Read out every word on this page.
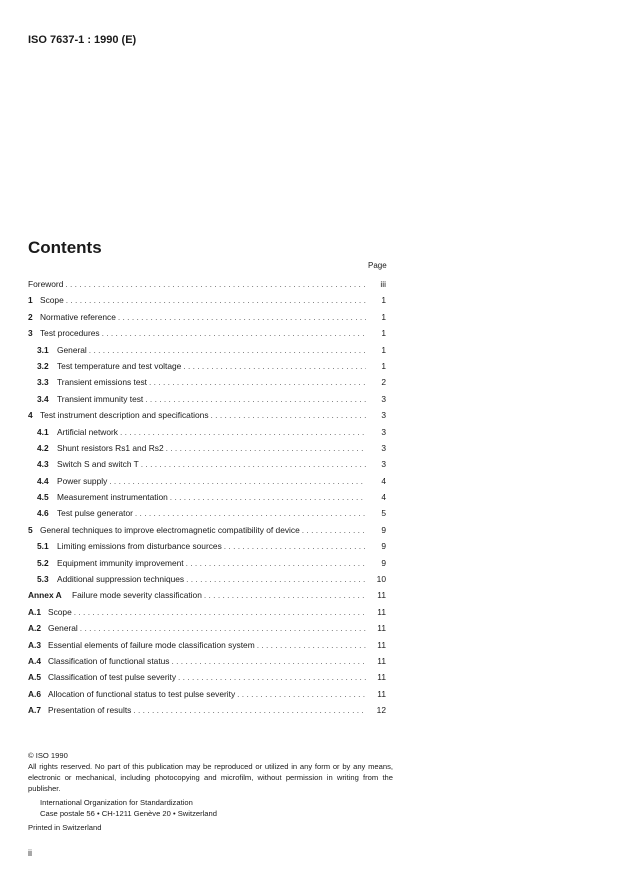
ISO 7637-1 : 1990 (E)
Contents
Page
Foreword . . .	iii
1 Scope . . .	1
2 Normative reference . . .	1
3 Test procedures . . .	1
3.1 General . . .	1
3.2 Test temperature and test voltage . . .	1
3.3 Transient emissions test . . .	2
3.4 Transient immunity test . . .	3
4 Test instrument description and specifications . . .	3
4.1 Artificial network . . .	3
4.2 Shunt resistors Rs1 and Rs2 . . .	3
4.3 Switch S and switch T . . .	3
4.4 Power supply . . .	4
4.5 Measurement instrumentation . . .	4
4.6 Test pulse generator . . .	5
5 General techniques to improve electromagnetic compatibility of device . . .	9
5.1 Limiting emissions from disturbance sources . . .	9
5.2 Equipment immunity improvement . . .	9
5.3 Additional suppression techniques . . .	10
Annex A	Failure mode severity classification . . .	11
A.1 Scope . . .	11
A.2 General . . .	11
A.3 Essential elements of failure mode classification system . . .	11
A.4 Classification of functional status . . .	11
A.5 Classification of test pulse severity . . .	11
A.6 Allocation of functional status to test pulse severity . . .	11
A.7 Presentation of results . . .	12
© ISO 1990
All rights reserved. No part of this publication may be reproduced or utilized in any form or by any means, electronic or mechanical, including photocopying and microfilm, without permission in writing from the publisher.
International Organization for Standardization
Case postale 56 • CH-1211 Genève 20 • Switzerland
Printed in Switzerland
ii
